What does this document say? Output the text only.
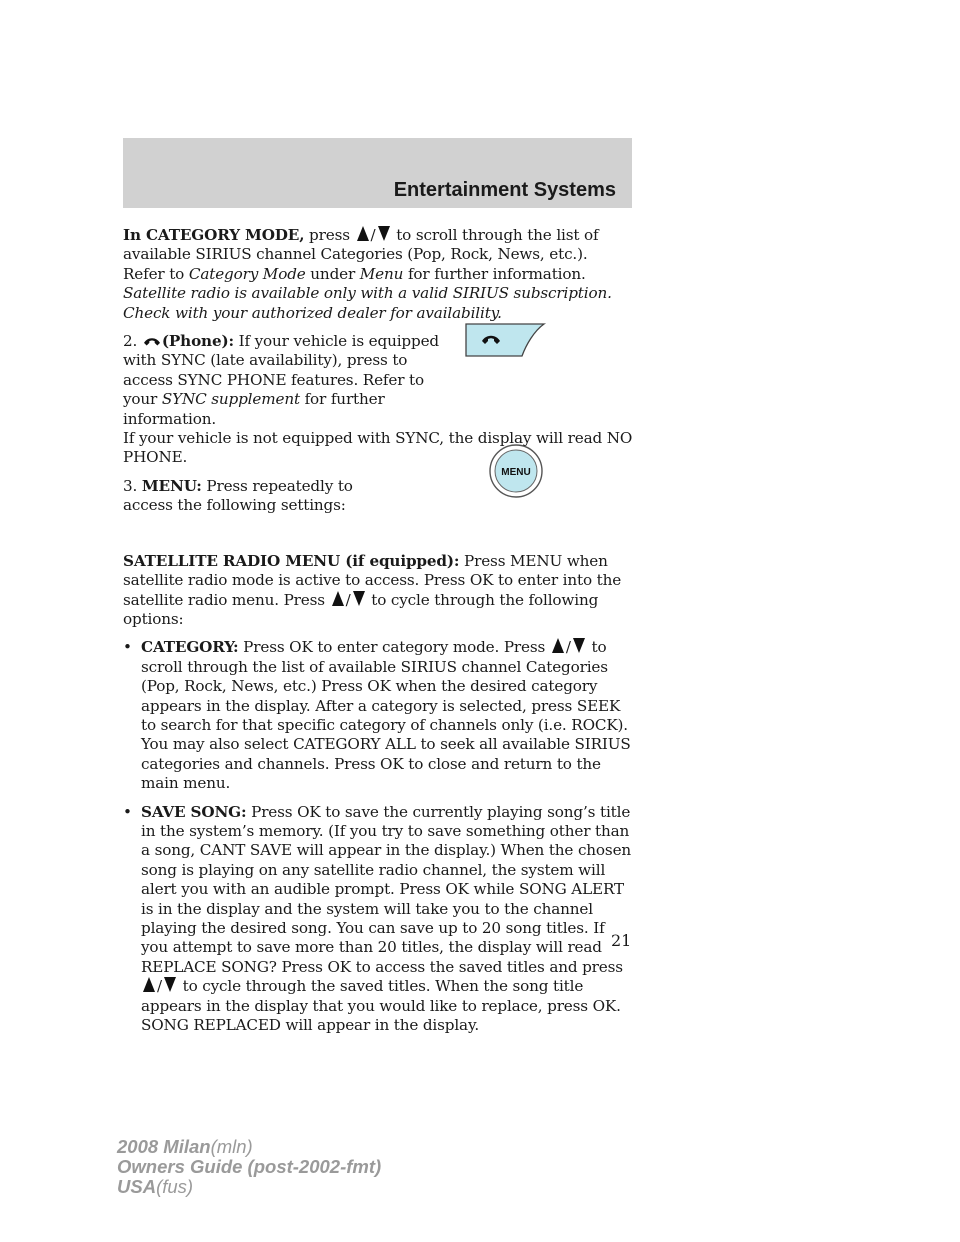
Entertainment Systems
MENU

In CATEGORY MODE, press / to scroll through the list of available SIRIUS channel Categories (Pop, Rock, News, etc.). Refer to Category Mode under Menu for further information.

Satellite radio is available only with a valid SIRIUS subscription. Check with your authorized dealer for availability.

2. (Phone): If your vehicle is equipped with SYNC (late availability), press to access SYNC PHONE features. Refer to your SYNC supplement for further information.

If your vehicle is not equipped with SYNC, the display will read NO PHONE.

3. MENU: Press repeatedly to access the following settings:

SATELLITE RADIO MENU (if equipped): Press MENU when satellite radio mode is active to access. Press OK to enter into the satellite radio menu. Press / to cycle through the following options:

• CATEGORY: Press OK to enter category mode. Press / to scroll through the list of available SIRIUS channel Categories (Pop, Rock, News, etc.) Press OK when the desired category appears in the display. After a category is selected, press SEEK to search for that specific category of channels only (i.e. ROCK). You may also select CATEGORY ALL to seek all available SIRIUS categories and channels. Press OK to close and return to the main menu.
• SAVE SONG: Press OK to save the currently playing song’s title in the system’s memory. (If you try to save something other than a song, CANT SAVE will appear in the display.) When the chosen song is playing on any satellite radio channel, the system will alert you with an audible prompt. Press OK while SONG ALERT is in the display and the system will take you to the channel playing the desired song. You can save up to 20 song titles. If you attempt to save more than 20 titles, the display will read REPLACE SONG? Press OK to access the saved titles and press / to cycle through the saved titles. When the song title appears in the display that you would like to replace, press OK. SONG REPLACED will appear in the display.
21
2008 Milan(mln)
Owners Guide (post-2002-fmt)
USA(fus)
